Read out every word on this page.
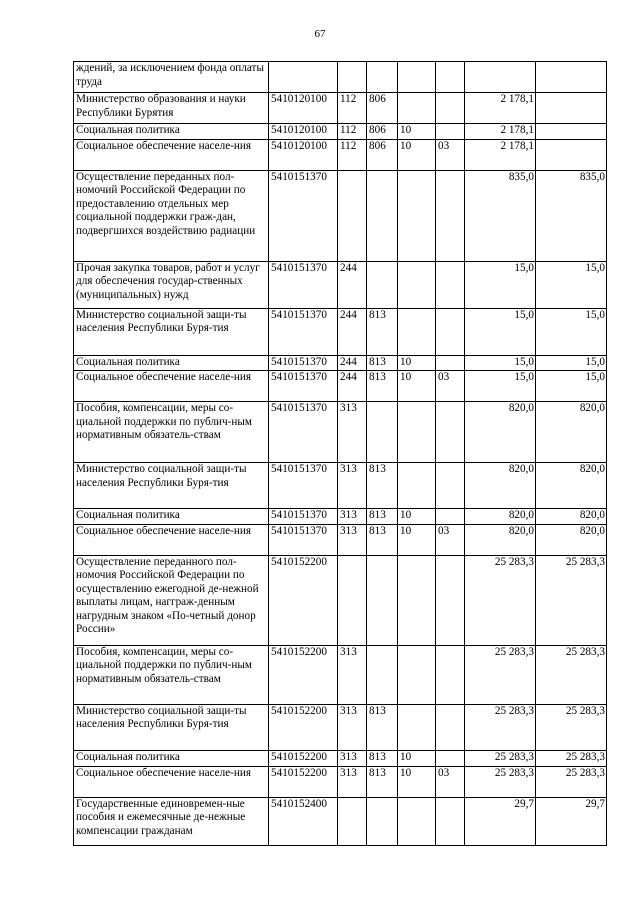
67
ждений, за исключением фонда оплаты труда							
Министерство образования и науки Республики Бурятия	5410120100	112	806			2 178,1	
Социальная политика	5410120100	112	806	10		2 178,1	
Социальное обеспечение населе-ния	5410120100	112	806	10	03	2 178,1	
Осуществление переданных пол-номочий Российской Федерации по предоставлению отдельных мер социальной поддержки граж-дан, подвергшихся воздействию радиации	5410151370					835,0	835,0
Прочая закупка товаров, работ и услуг для обеспечения государ-ственных (муниципальных) нужд	5410151370	244				15,0	15,0
Министерство социальной защи-ты населения Республики Буря-тия	5410151370	244	813			15,0	15,0
Социальная политика	5410151370	244	813	10		15,0	15,0
Социальное обеспечение населе-ния	5410151370	244	813	10	03	15,0	15,0
Пособия, компенсации, меры со-циальной поддержки по публич-ным нормативным обязатель-ствам	5410151370	313				820,0	820,0
Министерство социальной защи-ты населения Республики Буря-тия	5410151370	313	813			820,0	820,0
Социальная политика	5410151370	313	813	10		820,0	820,0
Социальное обеспечение населе-ния	5410151370	313	813	10	03	820,0	820,0
Осуществление переданного пол-номочия Российской Федерации по осуществлению ежегодной де-нежной выплаты лицам, нагграж-денным нагрудным знаком «По-четный донор России»	5410152200					25 283,3	25 283,3
Пособия, компенсации, меры со-циальной поддержки по публич-ным нормативным обязатель-ствам	5410152200	313				25 283,3	25 283,3
Министерство социальной защи-ты населения Республики Буря-тия	5410152200	313	813			25 283,3	25 283,3
Социальная политика	5410152200	313	813	10		25 283,3	25 283,3
Социальное обеспечение населе-ния	5410152200	313	813	10	03	25 283,3	25 283,3
Государственные единовремен-ные пособия и ежемесячные де-нежные компенсации гражданам	5410152400					29,7	29,7
